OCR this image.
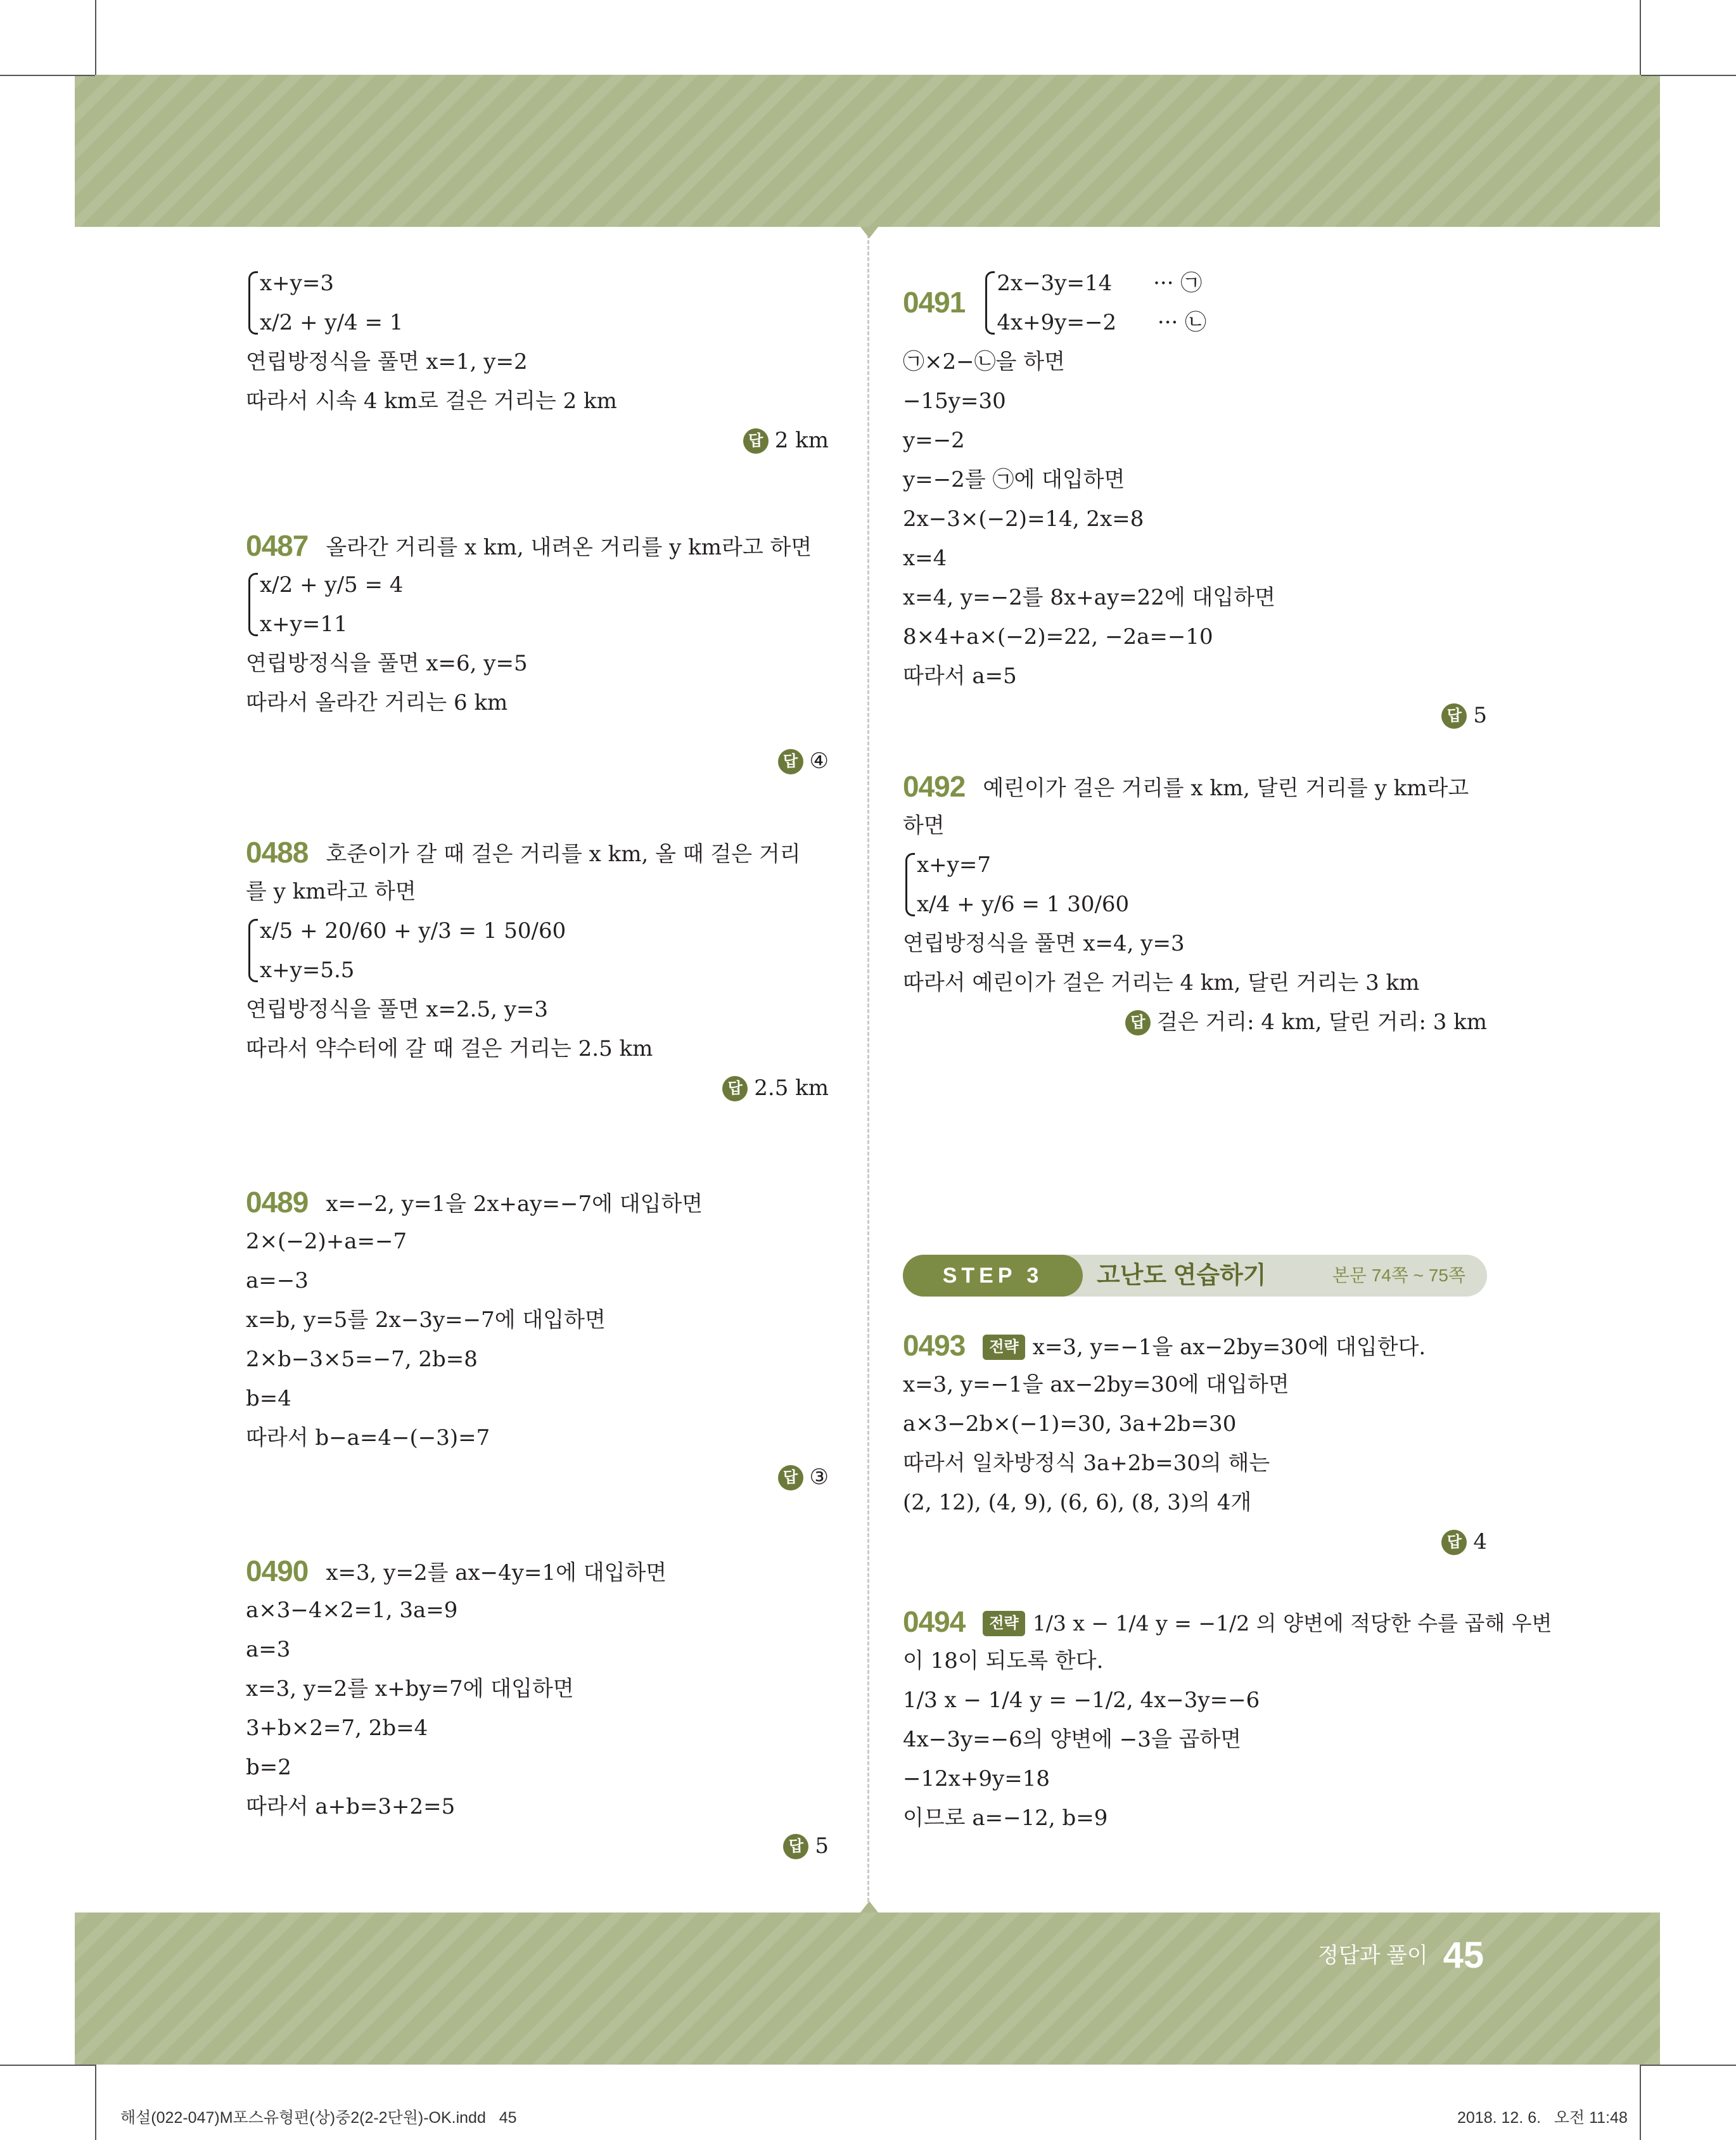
x+y=3
x/2 + y/4 = 1
연립방정식을 풀면 x=1, y=2
따라서 시속 4 km로 걸은 거리는 2 km
답 2 km
0487 올라간 거리를 x km, 내려온 거리를 y km라고 하면
x/2 + y/5 = 4
x+y=11
연립방정식을 풀면 x=6, y=5
따라서 올라간 거리는 6 km
답 ④
0488 호준이가 갈 때 걸은 거리를 x km, 올 때 걸은 거리
를 y km라고 하면
x/5 + 20/60 + y/3 = 1 50/60
x+y=5.5
연립방정식을 풀면 x=2.5, y=3
따라서 약수터에 갈 때 걸은 거리는 2.5 km
답 2.5 km
0489 x=−2, y=1을 2x+ay=−7에 대입하면
2×(−2)+a=−7
a=−3
x=b, y=5를 2x−3y=−7에 대입하면
2×b−3×5=−7, 2b=8
b=4
따라서 b−a=4−(−3)=7
답 ③
0490 x=3, y=2를 ax−4y=1에 대입하면
a×3−4×2=1, 3a=9
a=3
x=3, y=2를 x+by=7에 대입하면
3+b×2=7, 2b=4
b=2
따라서 a+b=3+2=5
답 5
0491
2x−3y=14      ··· ㉠
4x+9y=−2      ··· ㉡
㉠×2−㉡을 하면
−15y=30
y=−2
y=−2를 ㉠에 대입하면
2x−3×(−2)=14, 2x=8
x=4
x=4, y=−2를 8x+ay=22에 대입하면
8×4+a×(−2)=22, −2a=−10
따라서 a=5
답 5
0492 예린이가 걸은 거리를 x km, 달린 거리를 y km라고
하면
x+y=7
x/4 + y/6 = 1 30/60
연립방정식을 풀면 x=4, y=3
따라서 예린이가 걸은 거리는 4 km, 달린 거리는 3 km
답 걸은 거리: 4 km, 달린 거리: 3 km
STEP 3	고난도 연습하기	본문 74쪽 ~ 75쪽
0493 전략 x=3, y=−1을 ax−2by=30에 대입한다.
x=3, y=−1을 ax−2by=30에 대입하면
a×3−2b×(−1)=30, 3a+2b=30
따라서 일차방정식 3a+2b=30의 해는
(2, 12), (4, 9), (6, 6), (8, 3)의 4개
답 4
0494 전략 1/3 x − 1/4 y = −1/2 의 양변에 적당한 수를 곱해 우변
이 18이 되도록 한다.
1/3 x − 1/4 y = −1/2, 4x−3y=−6
4x−3y=−6의 양변에 −3을 곱하면
−12x+9y=18
이므로 a=−12, b=9
정답과 풀이 45
해설(022-047)M포스유형편(상)중2(2-2단원)-OK.indd   45	2018. 12. 6.   오전 11:48
